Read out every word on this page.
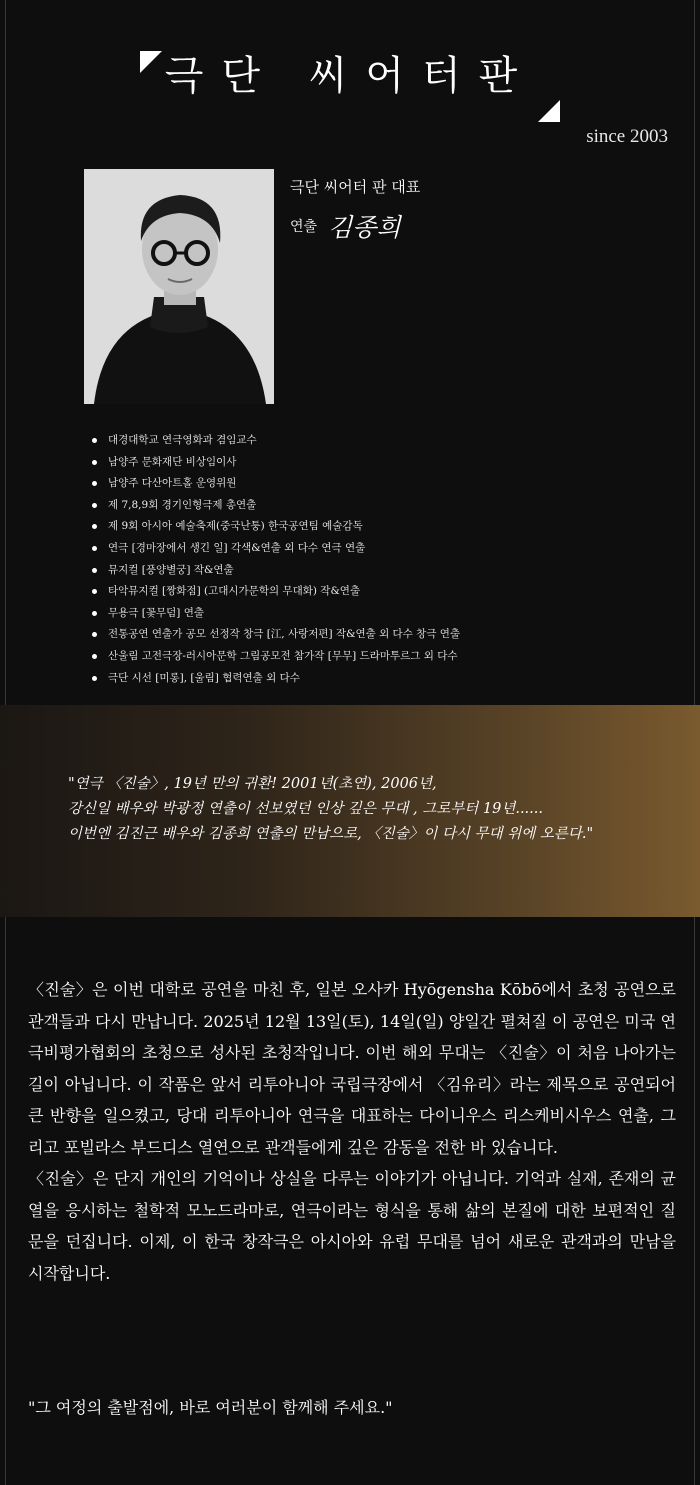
극단 씨어터판
since 2003
극단 씨어터 판 대표
연출 김종희
대경대학교 연극영화과 겸임교수
남양주 문화재단 비상임이사
남양주 다산아트홀 운영위원
제 7,8,9회 경기인형극제 총연출
제 9회 아시아 예술축제(중국난퉁) 한국공연팀 예술감독
연극 [경마장에서 생긴 일] 각색&연출 외 다수 연극 연출
뮤지컬 [풍양별궁] 작&연출
타악뮤지컬 [짱화점] (고대시가문학의 무대화) 작&연출
무용극 [꽃무덤] 연출
전통공연 연출가 공모 선정작 창극 [江, 사랑저편] 작&연출 외 다수 창극 연출
산울림 고전극장-러시아문학 그림공모전 참가작 [무무] 드라마투르그 외 다수
극단 시선 [미롱], [울림] 협력연출 외 다수
"연극 〈진술〉, 19년 만의 귀환! 2001년(초연), 2006년,
강신일 배우와 박광정 연출이 선보였던 인상 깊은 무대 , 그로부터 19년......
이번엔 김진근 배우와 김종희 연출의 만남으로, 〈진술〉이 다시 무대 위에 오른다."

〈진술〉은 이번 대학로 공연을 마친 후, 일본 오사카 Hyōgensha Kōbō에서 초청 공연으로 관객들과 다시 만납니다. 2025년 12월 13일(토), 14일(일) 양일간 펼쳐질 이 공연은 미국 연극비평가협회의 초청으로 성사된 초청작입니다. 이번 해외 무대는 〈진술〉이 처음 나아가는 길이 아닙니다. 이 작품은 앞서 리투아니아 국립극장에서 〈김유리〉라는 제목으로 공연되어 큰 반향을 일으켰고, 당대 리투아니아 연극을 대표하는 다이니우스 리스케비시우스 연출, 그리고 포빌라스 부드디스 열연으로 관객들에게 깊은 감동을 전한 바 있습니다.

〈진술〉은 단지 개인의 기억이나 상실을 다루는 이야기가 아닙니다. 기억과 실재, 존재의 균열을 응시하는 철학적 모노드라마로, 연극이라는 형식을 통해 삶의 본질에 대한 보편적인 질문을 던집니다. 이제, 이 한국 창작극은 아시아와 유럽 무대를 넘어 새로운 관객과의 만남을 시작합니다.

"그 여정의 출발점에, 바로 여러분이 함께해 주세요."
